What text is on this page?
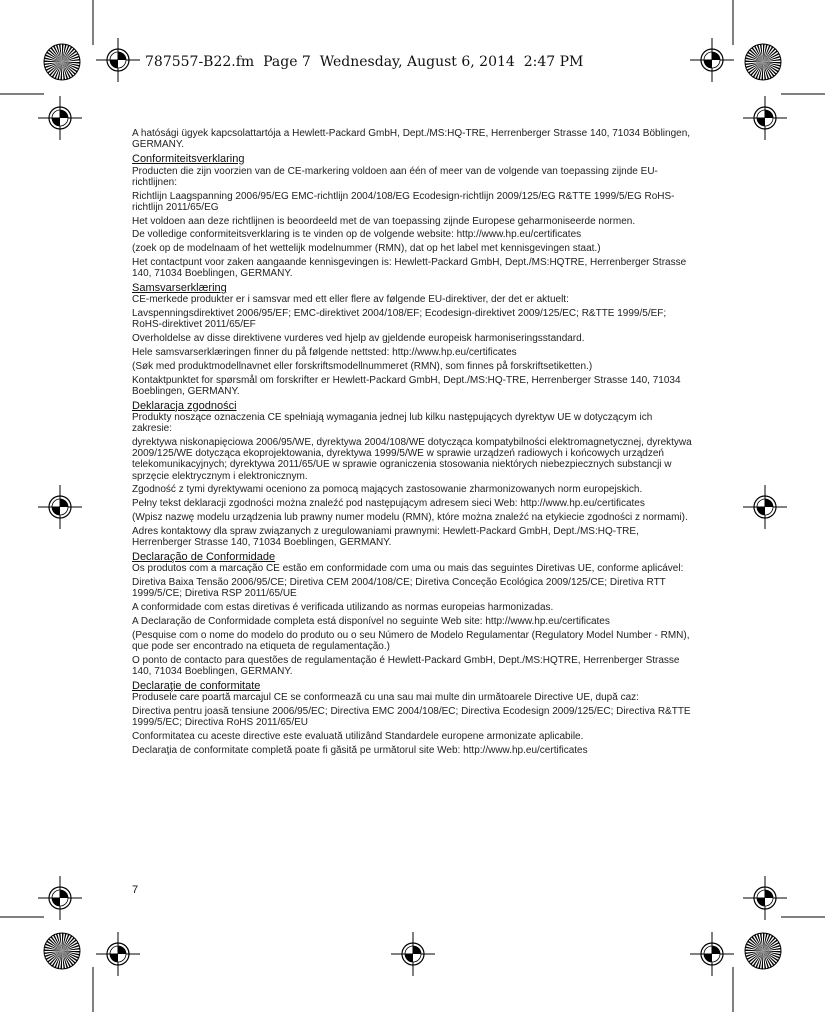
787557-B22.fm Page 7 Wednesday, August 6, 2014 2:47 PM

A hatósági ügyek kapcsolattartója a Hewlett-Packard GmbH, Dept./MS:HQ-TRE, Herrenberger Strasse 140, 71034 Böblingen, GERMANY.

Conformiteitsverklaring

Producten die zijn voorzien van de CE-markering voldoen aan één of meer van de volgende van toepassing zijnde EU-richtlijnen:

Richtlijn Laagspanning 2006/95/EG EMC-richtlijn 2004/108/EG Ecodesign-richtlijn 2009/125/EG R&TTE 1999/5/EG RoHS-richtlijn 2011/65/EG

Het voldoen aan deze richtlijnen is beoordeeld met de van toepassing zijnde Europese geharmoniseerde normen.

De volledige conformiteitsverklaring is te vinden op de volgende website: http://www.hp.eu/certificates

(zoek op de modelnaam of het wettelijk modelnummer (RMN), dat op het label met kennisgevingen staat.)

Het contactpunt voor zaken aangaande kennisgevingen is: Hewlett-Packard GmbH, Dept./MS:HQTRE, Herrenberger Strasse 140, 71034 Boeblingen, GERMANY.

Samsvarserklæring

CE-merkede produkter er i samsvar med ett eller flere av følgende EU-direktiver, der det er aktuelt:

Lavspenningsdirektivet 2006/95/EF; EMC-direktivet 2004/108/EF; Ecodesign-direktivet 2009/125/EC; R&TTE 1999/5/EF; RoHS-direktivet 2011/65/EF

Overholdelse av disse direktivene vurderes ved hjelp av gjeldende europeisk harmoniseringsstandard.

Hele samsvarserklæringen finner du på følgende nettsted: http://www.hp.eu/certificates

(Søk med produktmodellnavnet eller forskriftsmodellnummeret (RMN), som finnes på forskriftsetiketten.)

Kontaktpunktet for spørsmål om forskrifter er Hewlett-Packard GmbH, Dept./MS:HQ-TRE, Herrenberger Strasse 140, 71034 Boeblingen, GERMANY.

Deklaracja zgodności

Produkty noszące oznaczenia CE spełniają wymagania jednej lub kilku następujących dyrektyw UE w dotyczącym ich zakresie:

dyrektywa niskonapięciowa 2006/95/WE, dyrektywa 2004/108/WE dotycząca kompatybilności elektromagnetycznej, dyrektywa 2009/125/WE dotycząca ekoprojektowania, dyrektywa 1999/5/WE w sprawie urządzeń radiowych i końcowych urządzeń telekomunikacyjnych; dyrektywa 2011/65/UE w sprawie ograniczenia stosowania niektórych niebezpiecznych substancji w sprzęcie elektrycznym i elektronicznym.

Zgodność z tymi dyrektywami oceniono za pomocą mających zastosowanie zharmonizowanych norm europejskich.

Pełny tekst deklaracji zgodności można znaleźć pod następującym adresem sieci Web: http://www.hp.eu/certificates

(Wpisz nazwę modelu urządzenia lub prawny numer modelu (RMN), które można znaleźć na etykiecie zgodności z normami).

Adres kontaktowy dla spraw związanych z uregulowaniami prawnymi: Hewlett-Packard GmbH, Dept./MS:HQ-TRE, Herrenberger Strasse 140, 71034 Boeblingen, GERMANY.

Declaração de Conformidade

Os produtos com a marcação CE estão em conformidade com uma ou mais das seguintes Diretivas UE, conforme aplicável:

Diretiva Baixa Tensão 2006/95/CE; Diretiva CEM 2004/108/CE; Diretiva Conceção Ecológica 2009/125/CE; Diretiva RTT 1999/5/CE; Diretiva RSP 2011/65/UE

A conformidade com estas diretivas é verificada utilizando as normas europeias harmonizadas.

A Declaração de Conformidade completa está disponível no seguinte Web site: http://www.hp.eu/certificates

(Pesquise com o nome do modelo do produto ou o seu Número de Modelo Regulamentar (Regulatory Model Number - RMN), que pode ser encontrado na etiqueta de regulamentação.)

O ponto de contacto para questões de regulamentação é Hewlett-Packard GmbH, Dept./MS:HQTRE, Herrenberger Strasse 140, 71034 Boeblingen, GERMANY.

Declaraţie de conformitate

Produsele care poartă marcajul CE se conformează cu una sau mai multe din următoarele Directive UE, după caz:

Directiva pentru joasă tensiune 2006/95/EC; Directiva EMC 2004/108/EC; Directiva Ecodesign 2009/125/EC; Directiva R&TTE 1999/5/EC; Directiva RoHS 2011/65/EU

Conformitatea cu aceste directive este evaluată utilizând Standardele europene armonizate aplicabile.

Declaraţia de conformitate completă poate fi găsită pe următorul site Web: http://www.hp.eu/certificates

7
